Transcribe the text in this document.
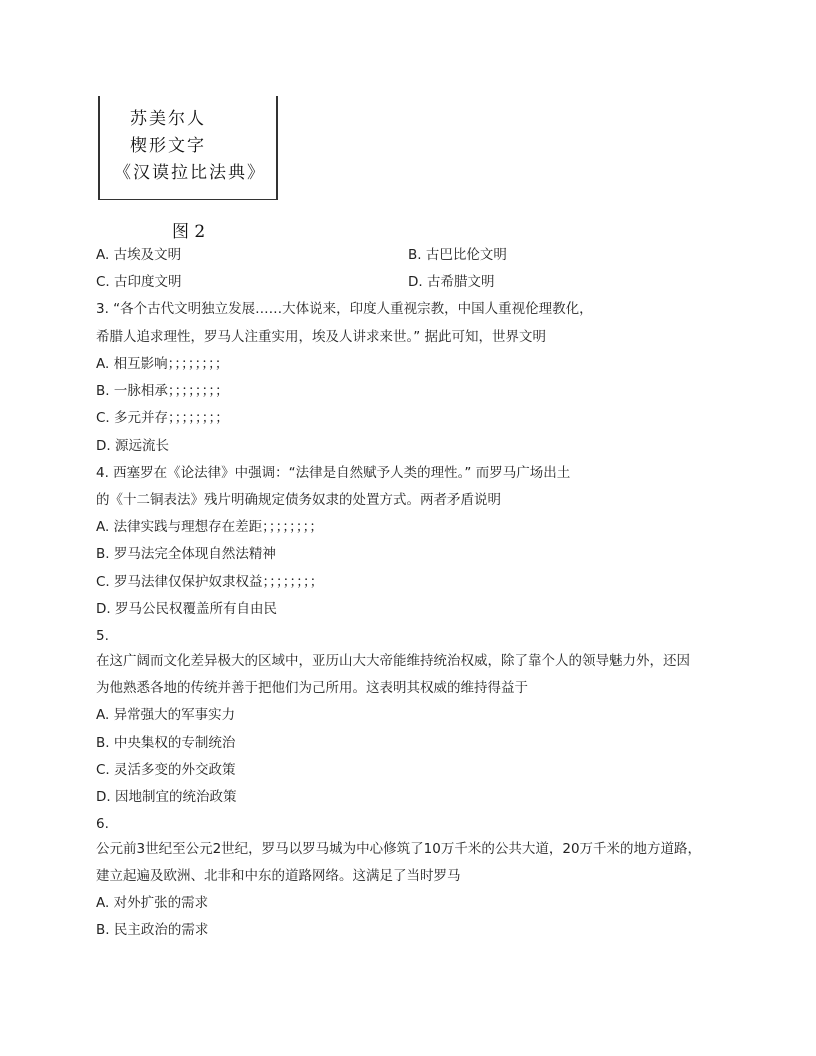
苏美尔人
楔形文字
《汉谟拉比法典》
图 2
A. 古埃及文明	B. 古巴比伦文明
C. 古印度文明	D. 古希腊文明
3. “各个古代文明独立发展……大体说来，印度人重视宗教，中国人重视伦理教化，
希腊人追求理性，罗马人注重实用，埃及人讲求来世。” 据此可知，世界文明
A. 相互影响；；；；；；；；
B. 一脉相承；；；；；；；；
C. 多元并存；；；；；；；；
D. 源远流长
4. 西塞罗在《论法律》中强调：“法律是自然赋予人类的理性。” 而罗马广场出土
的《十二铜表法》残片明确规定债务奴隶的处置方式。两者矛盾说明
A. 法律实践与理想存在差距；；；；；；；；
B. 罗马法完全体现自然法精神
C. 罗马法律仅保护奴隶权益；；；；；；；；
D. 罗马公民权覆盖所有自由民
5.
在这广阔而文化差异极大的区域中，亚历山大大帝能维持统治权威，除了靠个人的领导魅力外，还因
为他熟悉各地的传统并善于把他们为己所用。这表明其权威的维持得益于
A. 异常强大的军事实力
B. 中央集权的专制统治
C. 灵活多变的外交政策
D. 因地制宜的统治政策
6.
公元前3世纪至公元2世纪，罗马以罗马城为中心修筑了10万千米的公共大道，20万千米的地方道路，
建立起遍及欧洲、北非和中东的道路网络。这满足了当时罗马
A. 对外扩张的需求
B. 民主政治的需求
